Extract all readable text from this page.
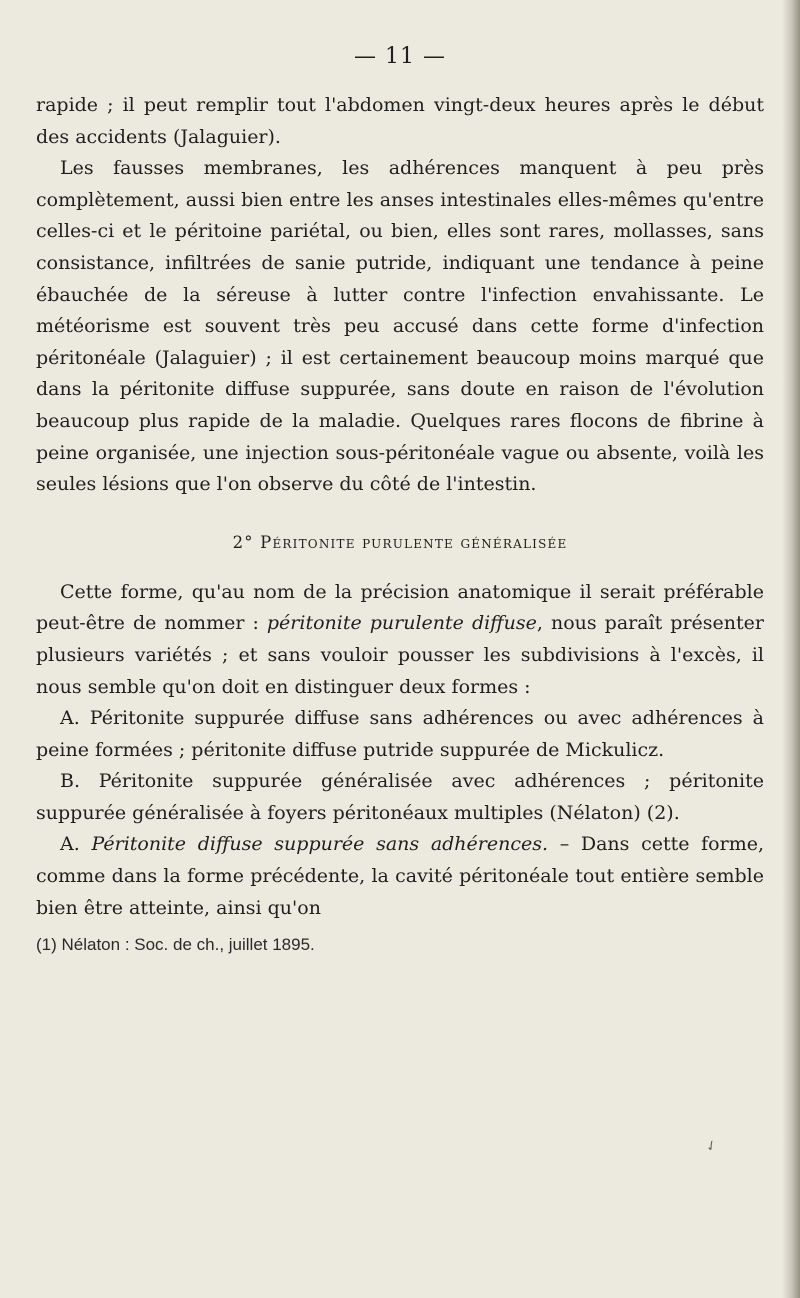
— 11 —

rapide ; il peut remplir tout l'abdomen vingt-deux heures après le début des accidents (Jalaguier).

Les fausses membranes, les adhérences manquent à peu près complètement, aussi bien entre les anses intestinales elles-mêmes qu'entre celles-ci et le péritoine pariétal, ou bien, elles sont rares, mollasses, sans consistance, infiltrées de sanie putride, indiquant une tendance à peine ébauchée de la séreuse à lutter contre l'infection envahissante. Le météorisme est souvent très peu accusé dans cette forme d'infection péritonéale (Jalaguier) ; il est certainement beaucoup moins marqué que dans la péritonite diffuse suppurée, sans doute en raison de l'évolution beaucoup plus rapide de la maladie. Quelques rares flocons de fibrine à peine organisée, une injection sous-péritonéale vague ou absente, voilà les seules lésions que l'on observe du côté de l'intestin.

2° Péritonite purulente généralisée

Cette forme, qu'au nom de la précision anatomique il serait préférable peut-être de nommer : péritonite purulente diffuse, nous paraît présenter plusieurs variétés ; et sans vouloir pousser les subdivisions à l'excès, il nous semble qu'on doit en distinguer deux formes :

A. Péritonite suppurée diffuse sans adhérences ou avec adhérences à peine formées ; péritonite diffuse putride suppurée de Mickulicz.

B. Péritonite suppurée généralisée avec adhérences ; péritonite suppurée généralisée à foyers péritonéaux multiples (Nélaton) (2).

A. Péritonite diffuse suppurée sans adhérences. – Dans cette forme, comme dans la forme précédente, la cavité péritonéale tout entière semble bien être atteinte, ainsi qu'on

(1) Nélaton : Soc. de ch., juillet 1895.
✓
